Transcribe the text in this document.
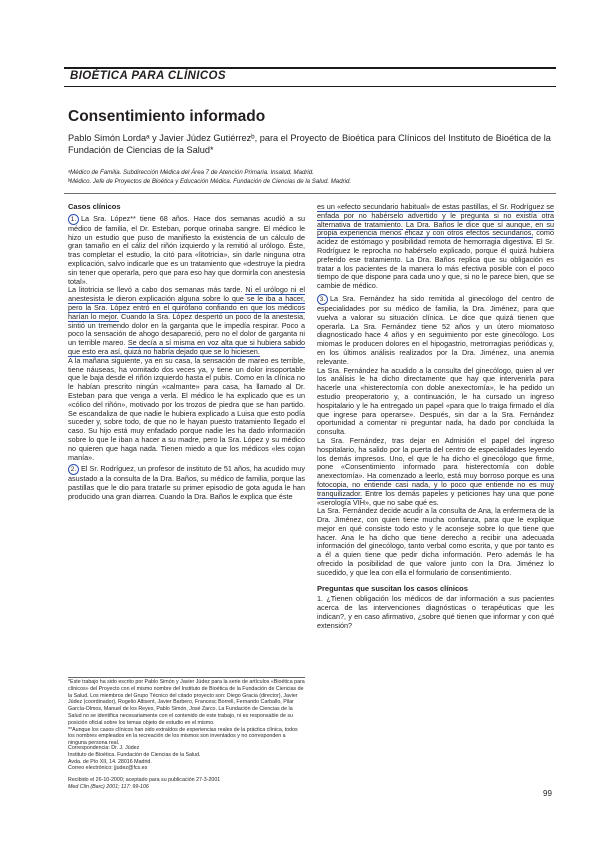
BIOÉTICA PARA CLÍNICOS
Consentimiento informado
Pablo Simón Lordaᵃ y Javier Júdez Gutiérrezᵇ, para el Proyecto de Bioética para Clínicos del Instituto de Bioética de la Fundación de Ciencias de la Salud*
ᵃMédico de Familia. Subdirección Médica del Área 7 de Atención Primaria. Insalud. Madrid.
ᵇMédico. Jefe de Proyectos de Bioética y Educación Médica. Fundación de Ciencias de la Salud. Madrid.
Casos clínicos

1. La Sra. López** tiene 68 años. Hace dos semanas acudió a su médico de familia, el Dr. Esteban, porque orinaba sangre. El médico le hizo un estudio que puso de manifiesto la existencia de un cálculo de gran tamaño en el cáliz del riñón izquierdo y la remitió al urólogo. Éste, tras completar el estudio, la citó para «litotricia», sin darle ninguna otra explicación, salvo indicarle que es un tratamiento que «destruye la piedra sin tener que operarla, pero que para eso hay que dormirla con anestesia total».

La litotricia se llevó a cabo dos semanas más tarde. Ni el urólogo ni el anestesista le dieron explicación alguna sobre lo que se le iba a hacer, pero la Sra. López entró en el quirófano confiando en que los médicos harían lo mejor. Cuando la Sra. López despertó un poco de la anestesia, sintió un tremendo dolor en la garganta que le impedía respirar. Poco a poco la sensación de ahogo desapareció, pero no el dolor de garganta ni un terrible mareo. Se decía a sí misma en voz alta que si hubiera sabido que esto era así, quizá no habría dejado que se lo hiciesen.

A la mañana siguiente, ya en su casa, la sensación de mareo es terrible, tiene náuseas, ha vomitado dos veces ya, y tiene un dolor insoportable que le baja desde el riñón izquierdo hasta el pubis. Como en la clínica no le habían prescrito ningún «calmante» para casa, ha llamado al Dr. Esteban para que venga a verla. El médico le ha explicado que es un «cólico del riñón», motivado por los trozos de piedra que se han partido. Se escandaliza de que nadie le hubiera explicado a Luisa que esto podía suceder y, sobre todo, de que no le hayan puesto tratamiento llegado el caso. Su hijo está muy enfadado porque nadie les ha dado información sobre lo que le iban a hacer a su madre, pero la Sra. López y su médico no quieren que haga nada. Tienen miedo a que los médicos «les cojan manía».

2. El Sr. Rodríguez, un profesor de instituto de 51 años, ha acudido muy asustado a la consulta de la Dra. Baños, su médico de familia, porque las pastillas que le dio para tratarle su primer episodio de gota aguda le han producido una gran diarrea. Cuando la Dra. Baños le explica que éste

*Este trabajo ha sido escrito por Pablo Simón y Javier Júdez para la serie de artículos «Bioética para clínicos» del Proyecto con el mismo nombre del Instituto de Bioética de la Fundación de Ciencias de la Salud. Los miembros del Grupo Técnico del citado proyecto son: Diego Gracia (director), Javier Júdez (coordinador), Rogelio Altisent, Javier Barbero, Francesc Borrell, Fernando Carballo, Pilar García-Olmos, Manuel de los Reyes, Pablo Simón, José Zarco. La Fundación de Ciencias de la Salud no se identifica necesariamente con el contenido de este trabajo, ni es responsable de su posición oficial sobre los temas objeto de estudio en el mismo.

**Aunque los casos clínicos han sido extraídos de experiencias reales de la práctica clínica, todos los nombres empleados en la recreación de los mismos son inventados y no corresponden a ninguna persona real.

Correspondencia: Dr. J. Júdez

Instituto de Bioética. Fundación de Ciencias de la Salud.

Avda. de Pío XII, 14. 28016 Madrid.

Correo electrónico: jjudez@fcs.es

Recibido el 26-10-2000; aceptado para su publicación 27-3-2001

Med Clin (Barc) 2001; 117: 99-106

es un «efecto secundario habitual» de estas pastillas, el Sr. Rodríguez se enfada por no habérselo advertido y le pregunta si no existía otra alternativa de tratamiento. La Dra. Baños le dice que sí aunque, en su propia experiencia menos eficaz y con otros efectos secundarios, como acidez de estómago y posibilidad remota de hemorragia digestiva. El Sr. Rodríguez le reprocha no habérselo explicado, porque él quizá hubiera preferido ese tratamiento. La Dra. Baños replica que su obligación es tratar a los pacientes de la manera lo más efectiva posible con el poco tiempo de que dispone para cada uno y que, si no le parece bien, que se cambie de médico.

3. La Sra. Fernández ha sido remitida al ginecólogo del centro de especialidades por su médico de familia, la Dra. Jiménez, para que vuelva a valorar su situación clínica. Le dice que quizá tienen que operarla. La Sra. Fernández tiene 52 años y un útero miomatoso diagnosticado hace 4 años y en seguimiento por este ginecólogo. Los miomas le producen dolores en el hipogastrio, metrorragias periódicas y, en los últimos análisis realizados por la Dra. Jiménez, una anemia relevante.

La Sra. Fernández ha acudido a la consulta del ginecólogo, quien al ver los análisis le ha dicho directamente que hay que intervenirla para hacerle una «histerectomía con doble anexectomía», le ha pedido un estudio preoperatorio y, a continuación, le ha cursado un ingreso hospitalario y le ha entregado un papel «para que lo traiga firmado el día que ingrese para operarse». Después, sin dar a la Sra. Fernández oportunidad a comentar ni preguntar nada, ha dado por concluida la consulta.

La Sra. Fernández, tras dejar en Admisión el papel del ingreso hospitalario, ha salido por la puerta del centro de especialidades leyendo los demás impresos. Uno, el que le ha dicho el ginecólogo que firme, pone «Consentimiento informado para histerectomía con doble anexectomía». Ha comenzado a leerlo, está muy borroso porque es una fotocopia, no entiende casi nada, y lo poco que entiende no es muy tranquilizador. Entre los demás papeles y peticiones hay una que pone «serología VIH», que no sabe qué es.

La Sra. Fernández decide acudir a la consulta de Ana, la enfermera de la Dra. Jiménez, con quien tiene mucha confianza, para que le explique mejor en qué consiste todo esto y le aconseje sobre lo que tiene que hacer. Ana le ha dicho que tiene derecho a recibir una adecuada información del ginecólogo, tanto verbal como escrita, y que por tanto es a él a quien tiene que pedir dicha información. Pero además le ha ofrecido la posibilidad de que valore junto con la Dra. Jiménez lo sucedido, y que lea con ella el formulario de consentimiento.

Preguntas que suscitan los casos clínicos

1. ¿Tienen obligación los médicos de dar información a sus pacientes acerca de las intervenciones diagnósticas o terapéuticas que les indican?, y en caso afirmativo, ¿sobre qué tienen que informar y con qué extensión?

99
